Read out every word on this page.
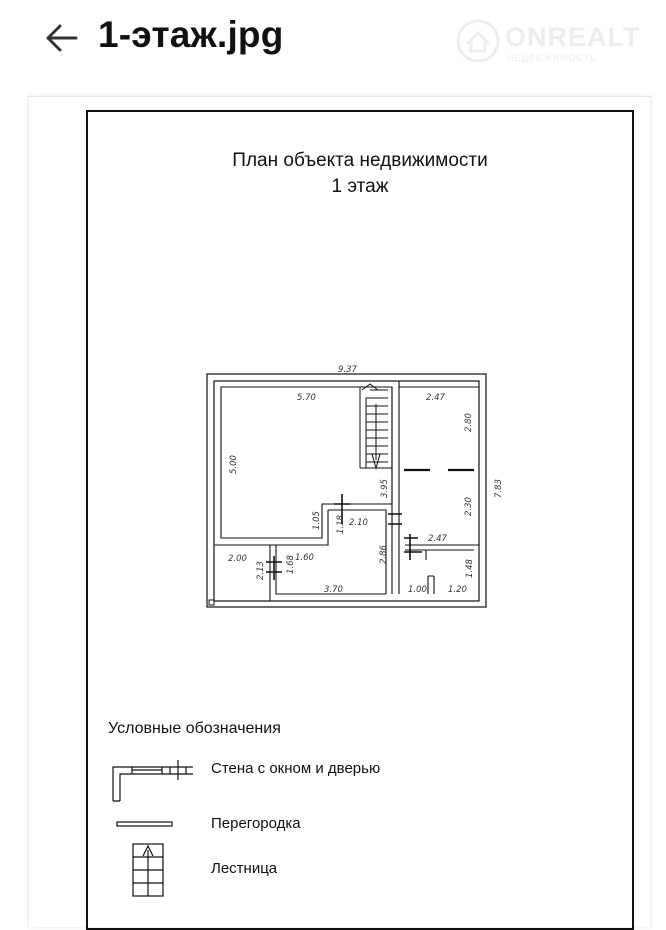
1-этаж.jpg	ONREALT
НЕДВИЖИМОСТЬ
План объекта недвижимости
1 этаж
9.37
5.70	2.47
2.00	1.60
2.10
2.47
3.70	1.00 1.20
5.00
3.95
2.80
2.30
7.83
1.05 1.18
2.86
1.48
2.13 1.68
Условные обозначения
Стена с окном и дверью
Перегородка
Лестница
